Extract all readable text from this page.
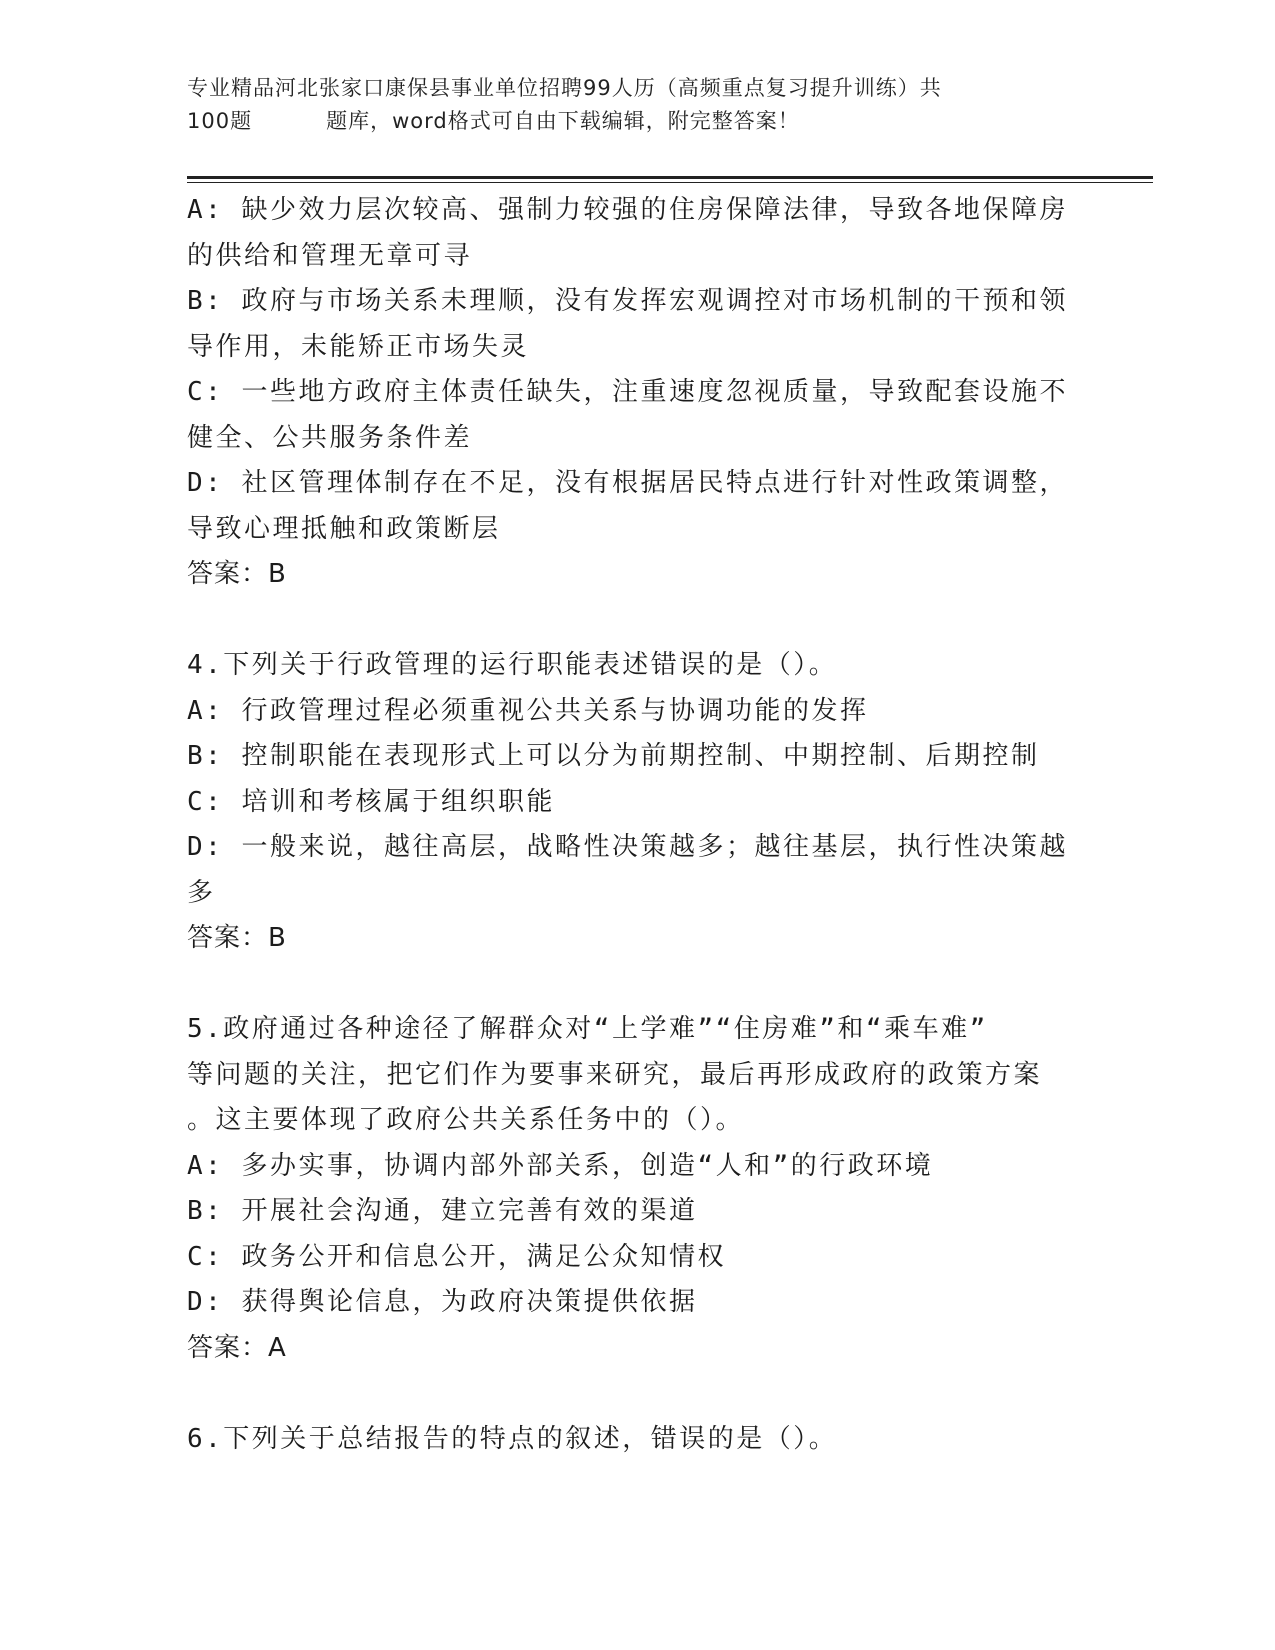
专业精品河北张家口康保县事业单位招聘99人历（高频重点复习提升训练）共
100题	题库，word格式可自由下载编辑，附完整答案！
A: 缺少效力层次较高、强制力较强的住房保障法律，导致各地保障房
的供给和管理无章可寻
B: 政府与市场关系未理顺，没有发挥宏观调控对市场机制的干预和领
导作用，未能矫正市场失灵
C: 一些地方政府主体责任缺失，注重速度忽视质量，导致配套设施不
健全、公共服务条件差
D: 社区管理体制存在不足，没有根据居民特点进行针对性政策调整，
导致心理抵触和政策断层
答案：B
4.下列关于行政管理的运行职能表述错误的是（）。
A: 行政管理过程必须重视公共关系与协调功能的发挥
B: 控制职能在表现形式上可以分为前期控制、中期控制、后期控制
C: 培训和考核属于组织职能
D: 一般来说，越往高层，战略性决策越多；越往基层，执行性决策越
多
答案：B
5.政府通过各种途径了解群众对“上学难”“住房难”和“乘车难”
等问题的关注，把它们作为要事来研究，最后再形成政府的政策方案
。这主要体现了政府公共关系任务中的（）。
A: 多办实事，协调内部外部关系，创造“人和”的行政环境
B: 开展社会沟通，建立完善有效的渠道
C: 政务公开和信息公开，满足公众知情权
D: 获得舆论信息，为政府决策提供依据
答案：A
6.下列关于总结报告的特点的叙述，错误的是（）。
